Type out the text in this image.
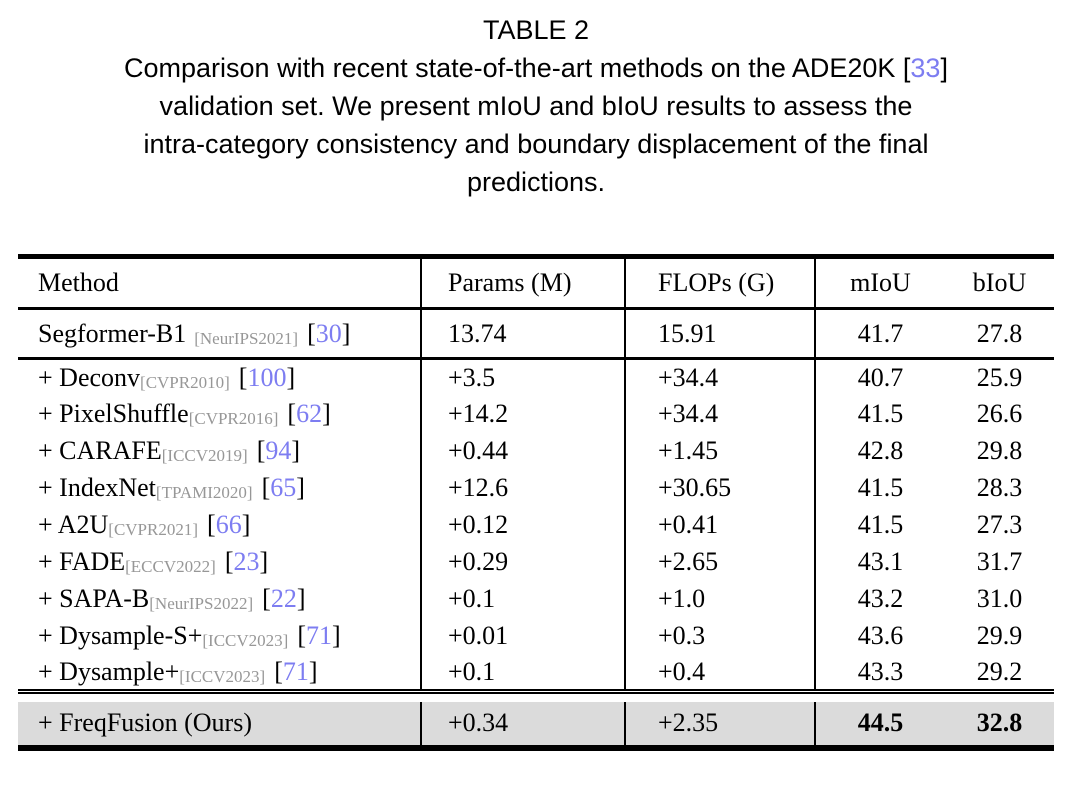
TABLE 2
Comparison with recent state-of-the-art methods on the ADE20K [33]
validation set. We present mIoU and bIoU results to assess the
intra-category consistency and boundary displacement of the final
predictions.
Method	Params (M)	FLOPs (G)	mIoU	bIoU
Segformer-B1 [NeurIPS2021] [30]	13.74	15.91	41.7	27.8
+ Deconv[CVPR2010] [100]	+3.5	+34.4	40.7	25.9
+ PixelShuffle[CVPR2016] [62]	+14.2	+34.4	41.5	26.6
+ CARAFE[ICCV2019] [94]	+0.44	+1.45	42.8	29.8
+ IndexNet[TPAMI2020] [65]	+12.6	+30.65	41.5	28.3
+ A2U[CVPR2021] [66]	+0.12	+0.41	41.5	27.3
+ FADE[ECCV2022] [23]	+0.29	+2.65	43.1	31.7
+ SAPA-B[NeurIPS2022] [22]	+0.1	+1.0	43.2	31.0
+ Dysample-S+[ICCV2023] [71]	+0.01	+0.3	43.6	29.9
+ Dysample+[ICCV2023] [71]	+0.1	+0.4	43.3	29.2

+ FreqFusion (Ours)	+0.34	+2.35	44.5	32.8
